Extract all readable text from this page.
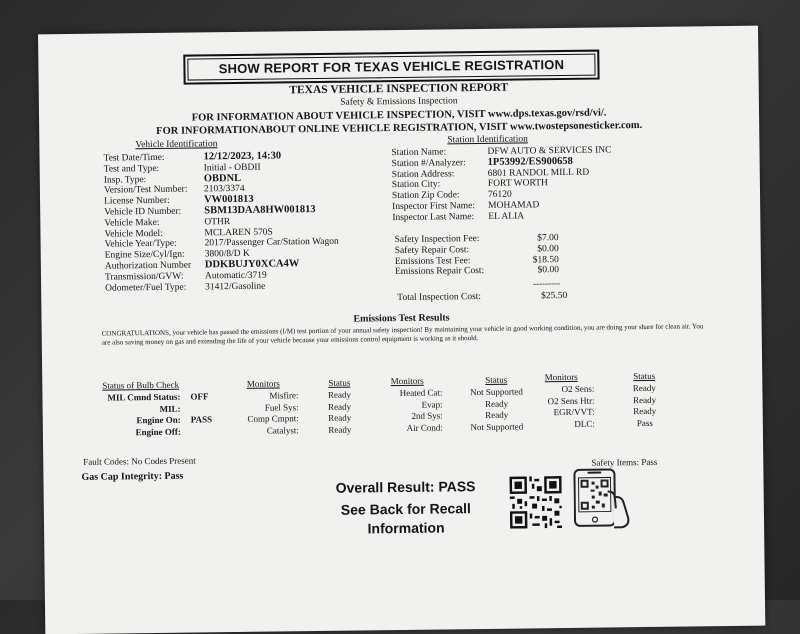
SHOW REPORT FOR TEXAS VEHICLE REGISTRATION
TEXAS VEHICLE INSPECTION REPORT
Safety & Emissions Inspection
FOR INFORMATION ABOUT VEHICLE INSPECTION, VISIT www.dps.texas.gov/rsd/vi/.
FOR INFORMATIONABOUT ONLINE VEHICLE REGISTRATION, VISIT www.twostepsonesticker.com.
Vehicle Identification	Station Identification
Test Date/Time:	12/12/2023, 14:30
Test and Type:	Initial - OBDII
Insp. Type:	OBDNL
Version/Test Number:	2103/3374
License Number:	VW001813
Vehicle ID Number:	SBM13DAA8HW001813
Vehicle Make:	OTHR
Vehicle Model:	MCLAREN 570S
Vehicle Year/Type:	2017/Passenger Car/Station Wagon
Engine Size/Cyl/Ign:	3800/8/D K
Authorization Number	DDKBUJY0XCA4W
Transmission/GVW:	Automatic/3719
Odometer/Fuel Type:	31412/Gasoline
Station Name:	DFW AUTO & SERVICES INC
Station #/Analyzer:	1P53992/ES900658
Station Address:	6801 RANDOL MILL RD
Station City:	FORT WORTH
Station Zip Code:	76120
Inspector First Name:	MOHAMAD
Inspector Last Name:	EL ALIA
Safety Inspection Fee:	$7.00
Safety Repair Cost:	$0.00
Emissions Test Fee:	$18.50
Emissions Repair Cost:	$0.00
---------
Total Inspection Cost:	$25.50
Emissions Test Results
CONGRATULATIONS, your vehicle has passed the emissions (I/M) test portion of your annual safety inspection! By maintaining your vehicle in good working condition, you are doing your share for clean air. You are also saving money on gas and extending the life of your vehicle because your emissions control equipment is working as it should.
Status of Bulb Check
MIL Cmnd Status: OFF
MIL:
Engine On: PASS
Engine Off:
Monitors	Status
Misfire:	Ready
Fuel Sys:	Ready
Comp Cmpnt:	Ready
Catalyst:	Ready
Monitors	Status
Heated Cat:	Not Supported
Evap:	Ready
2nd Sys:	Ready
Air Cond:	Not Supported
Monitors	Status
O2 Sens:	Ready
O2 Sens Htr:	Ready
EGR/VVT:	Ready
DLC:	Pass
Fault Codes: No Codes Present
Gas Cap Integrity: Pass
Safety Items: Pass
Overall Result: PASS
See Back for Recall
Information
